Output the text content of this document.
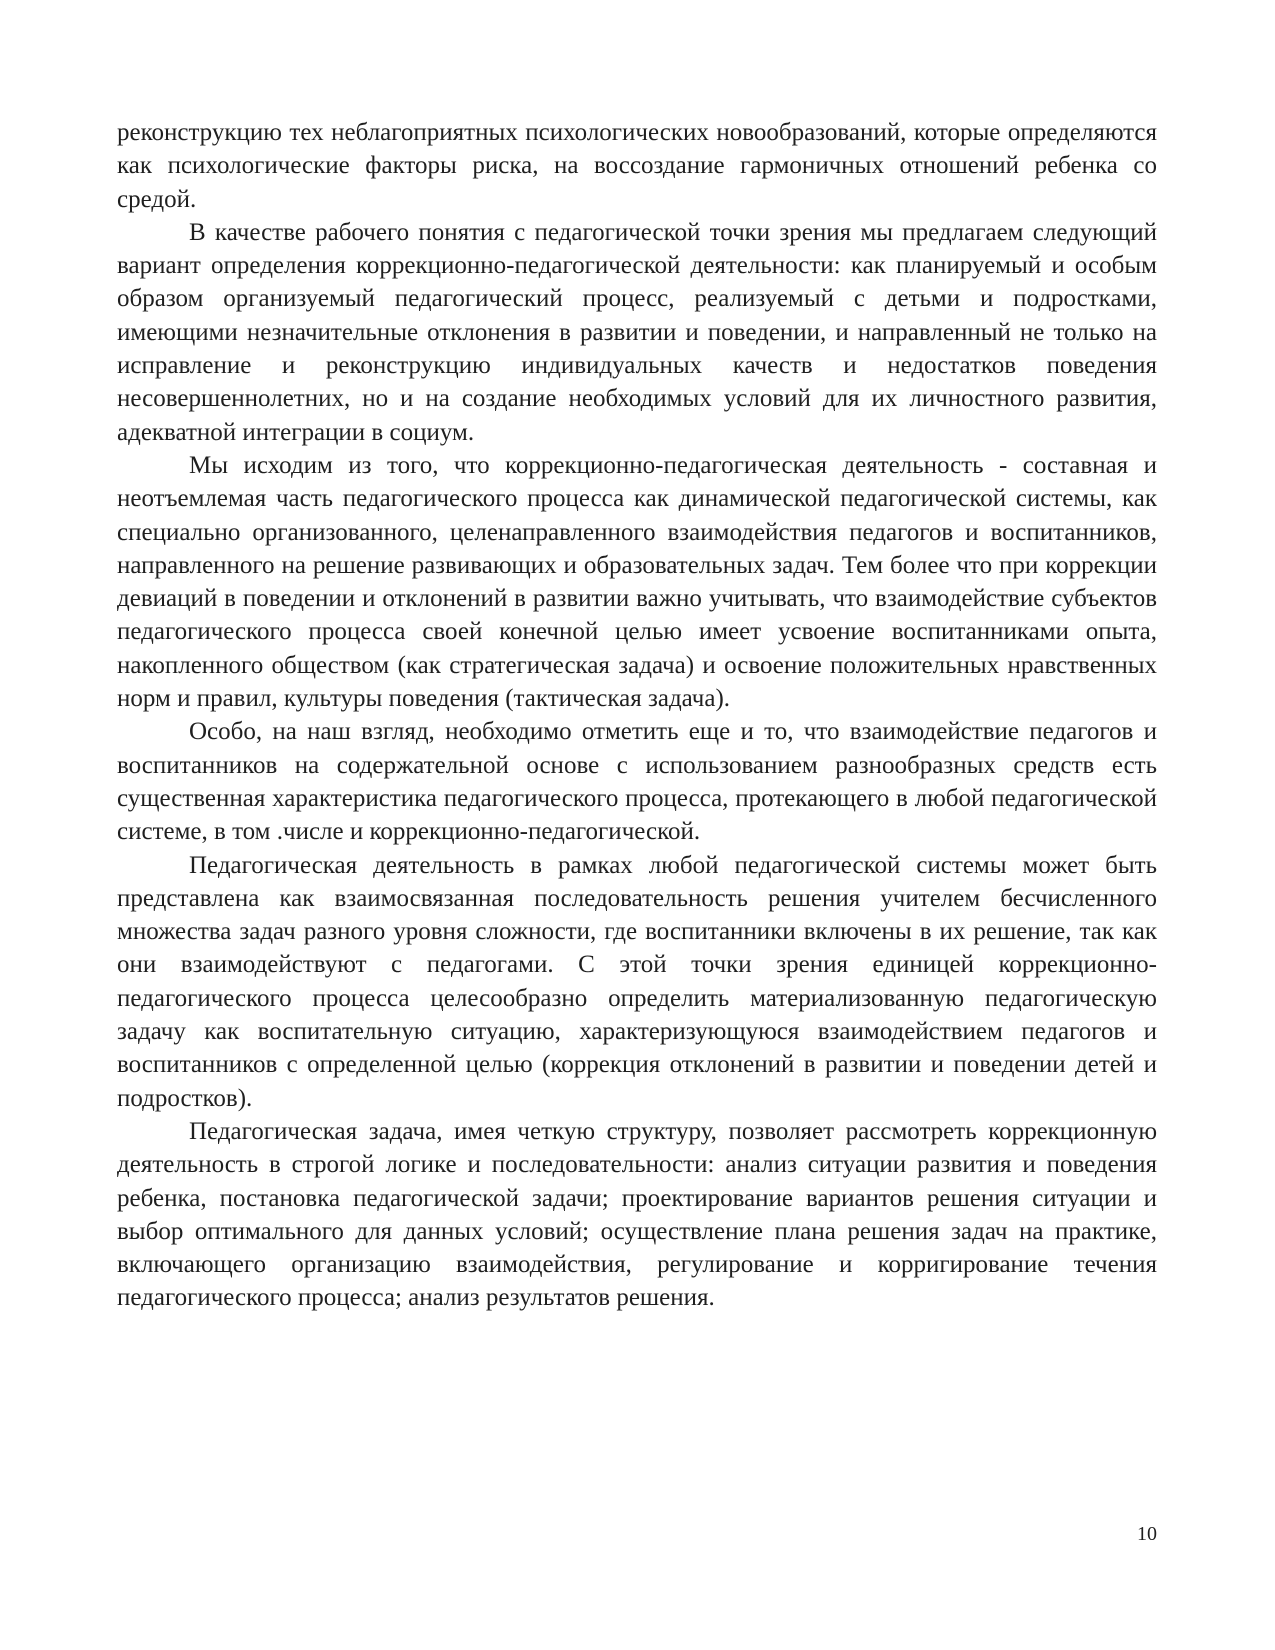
реконструкцию тех неблагоприятных психологических новообразований, которые определяются как психологические факторы риска, на воссоздание гармоничных отношений ребенка со средой.

В качестве рабочего понятия с педагогической точки зрения мы предлагаем следующий вариант определения коррекционно-педагогической деятельности: как планируемый и особым образом организуемый педагогический процесс, реализуемый с детьми и подростками, имеющими незначительные отклонения в развитии и поведении, и направленный не только на исправление и реконструкцию индивидуальных качеств и недостатков поведения несовершеннолетних, но и на создание необходимых условий для их личностного развития, адекватной интеграции в социум.

Мы исходим из того, что коррекционно-педагогическая деятельность - составная и неотъемлемая часть педагогического процесса как динамической педагогической системы, как специально организованного, целенаправленного взаимодействия педагогов и воспитанников, направленного на решение развивающих и образовательных задач. Тем более что при коррекции девиаций в поведении и отклонений в развитии важно учитывать, что взаимодействие субъектов педагогического процесса своей конечной целью имеет усвоение воспитанниками опыта, накопленного обществом (как стратегическая задача) и освоение положительных нравственных норм и правил, культуры поведения (тактическая задача).

Особо, на наш взгляд, необходимо отметить еще и то, что взаимодействие педагогов и воспитанников на содержательной основе с использованием разнообразных средств есть существенная характеристика педагогического процесса, протекающего в любой педагогической системе, в том .числе и коррекционно-педагогической.

Педагогическая деятельность в рамках любой педагогической системы может быть представлена как взаимосвязанная последовательность решения учителем бесчисленного множества задач разного уровня сложности, где воспитанники включены в их решение, так как они взаимодействуют с педагогами. С этой точки зрения единицей коррекционно-педагогического процесса целесообразно определить материализованную педагогическую задачу как воспитательную ситуацию, характеризующуюся взаимодействием педагогов и воспитанников с определенной целью (коррекция отклонений в развитии и поведении детей и подростков).

Педагогическая задача, имея четкую структуру, позволяет рассмотреть коррекционную деятельность в строгой логике и последовательности: анализ ситуации развития и поведения ребенка, постановка педагогической задачи; проектирование вариантов решения ситуации и выбор оптимального для данных условий; осуществление плана решения задач на практике, включающего организацию взаимодействия, регулирование и корригирование течения педагогического процесса; анализ результатов решения.

10
